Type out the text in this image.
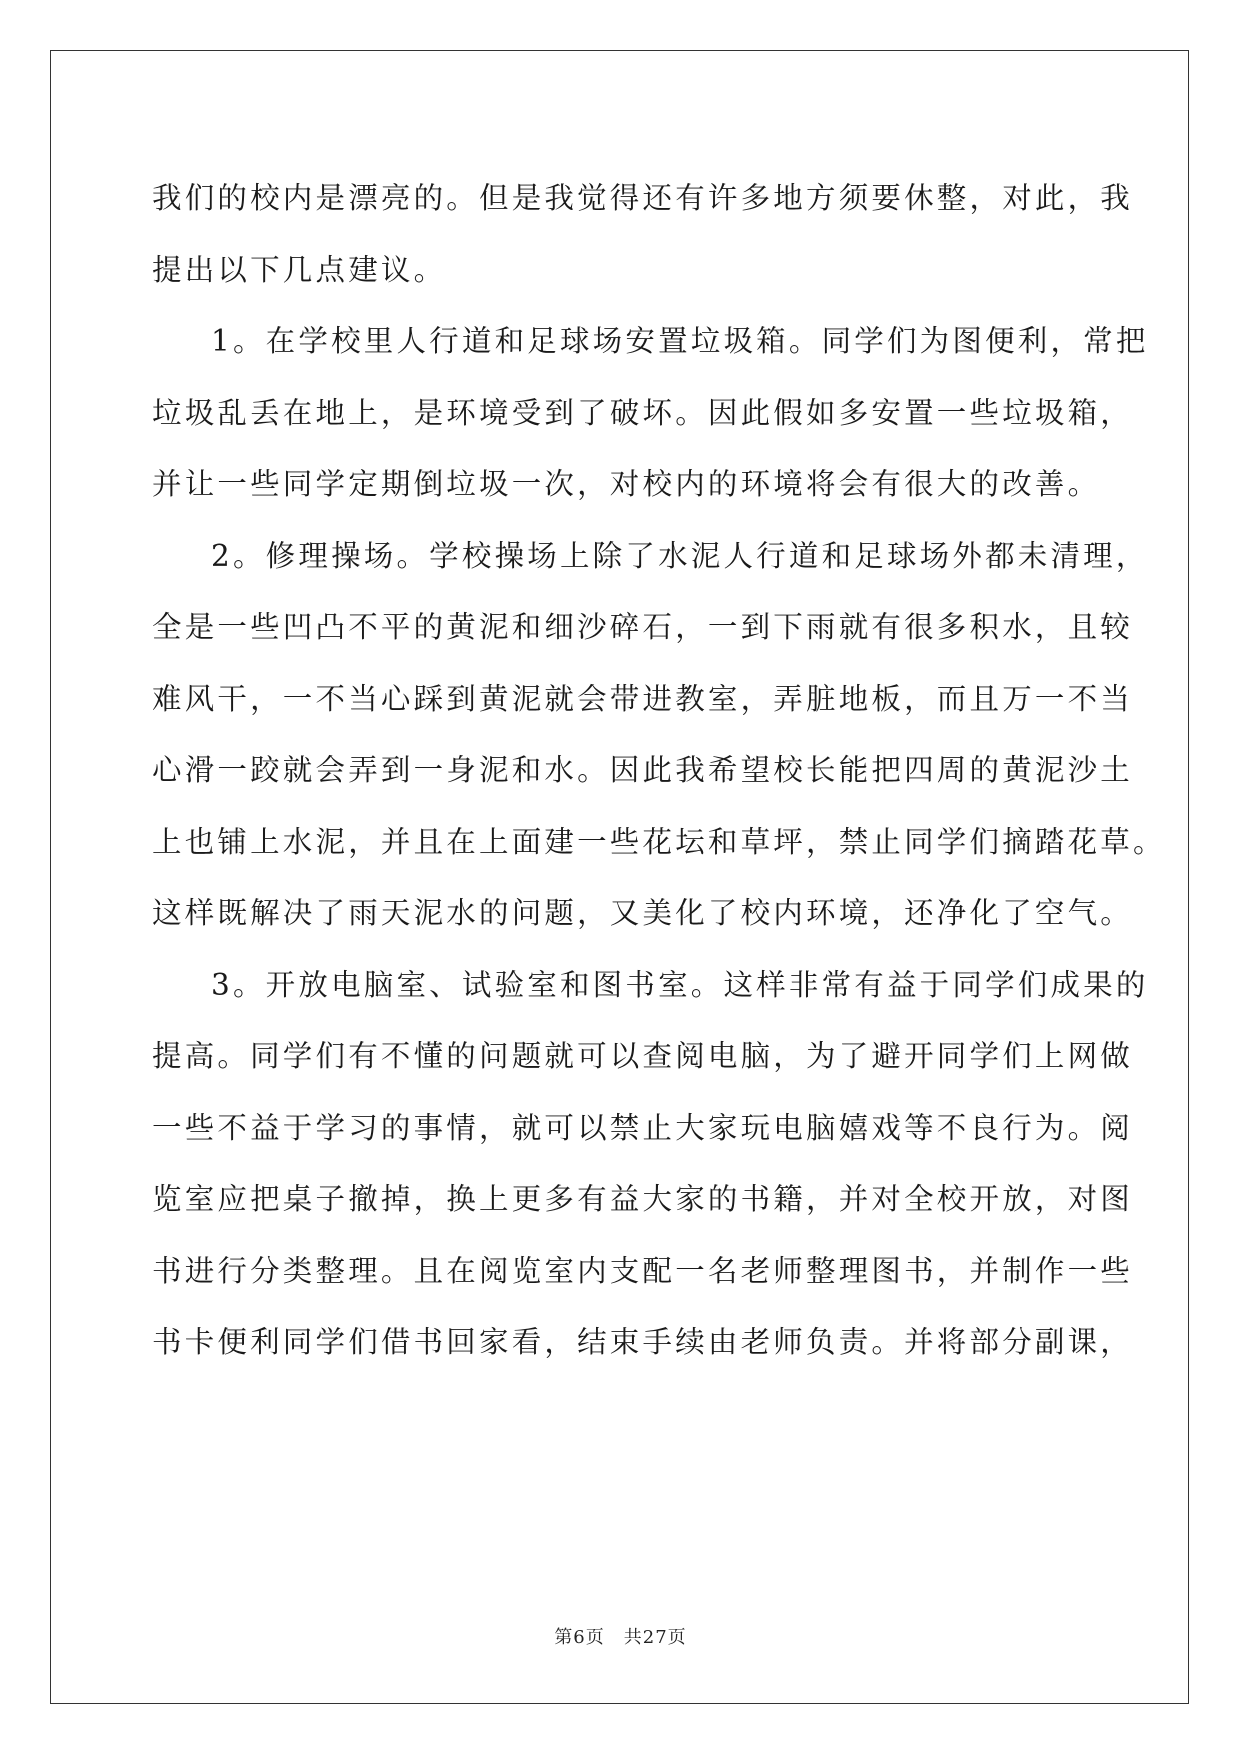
我们的校内是漂亮的。但是我觉得还有许多地方须要休整，对此，我
提出以下几点建议。
1。在学校里人行道和足球场安置垃圾箱。同学们为图便利，常把
垃圾乱丢在地上，是环境受到了破坏。因此假如多安置一些垃圾箱，
并让一些同学定期倒垃圾一次，对校内的环境将会有很大的改善。
2。修理操场。学校操场上除了水泥人行道和足球场外都未清理，
全是一些凹凸不平的黄泥和细沙碎石，一到下雨就有很多积水，且较
难风干，一不当心踩到黄泥就会带进教室，弄脏地板，而且万一不当
心滑一跤就会弄到一身泥和水。因此我希望校长能把四周的黄泥沙土
上也铺上水泥，并且在上面建一些花坛和草坪，禁止同学们摘踏花草。
这样既解决了雨天泥水的问题，又美化了校内环境，还净化了空气。
3。开放电脑室、试验室和图书室。这样非常有益于同学们成果的
提高。同学们有不懂的问题就可以查阅电脑，为了避开同学们上网做
一些不益于学习的事情，就可以禁止大家玩电脑嬉戏等不良行为。阅
览室应把桌子撤掉，换上更多有益大家的书籍，并对全校开放，对图
书进行分类整理。且在阅览室内支配一名老师整理图书，并制作一些
书卡便利同学们借书回家看，结束手续由老师负责。并将部分副课，
第6页　共27页
